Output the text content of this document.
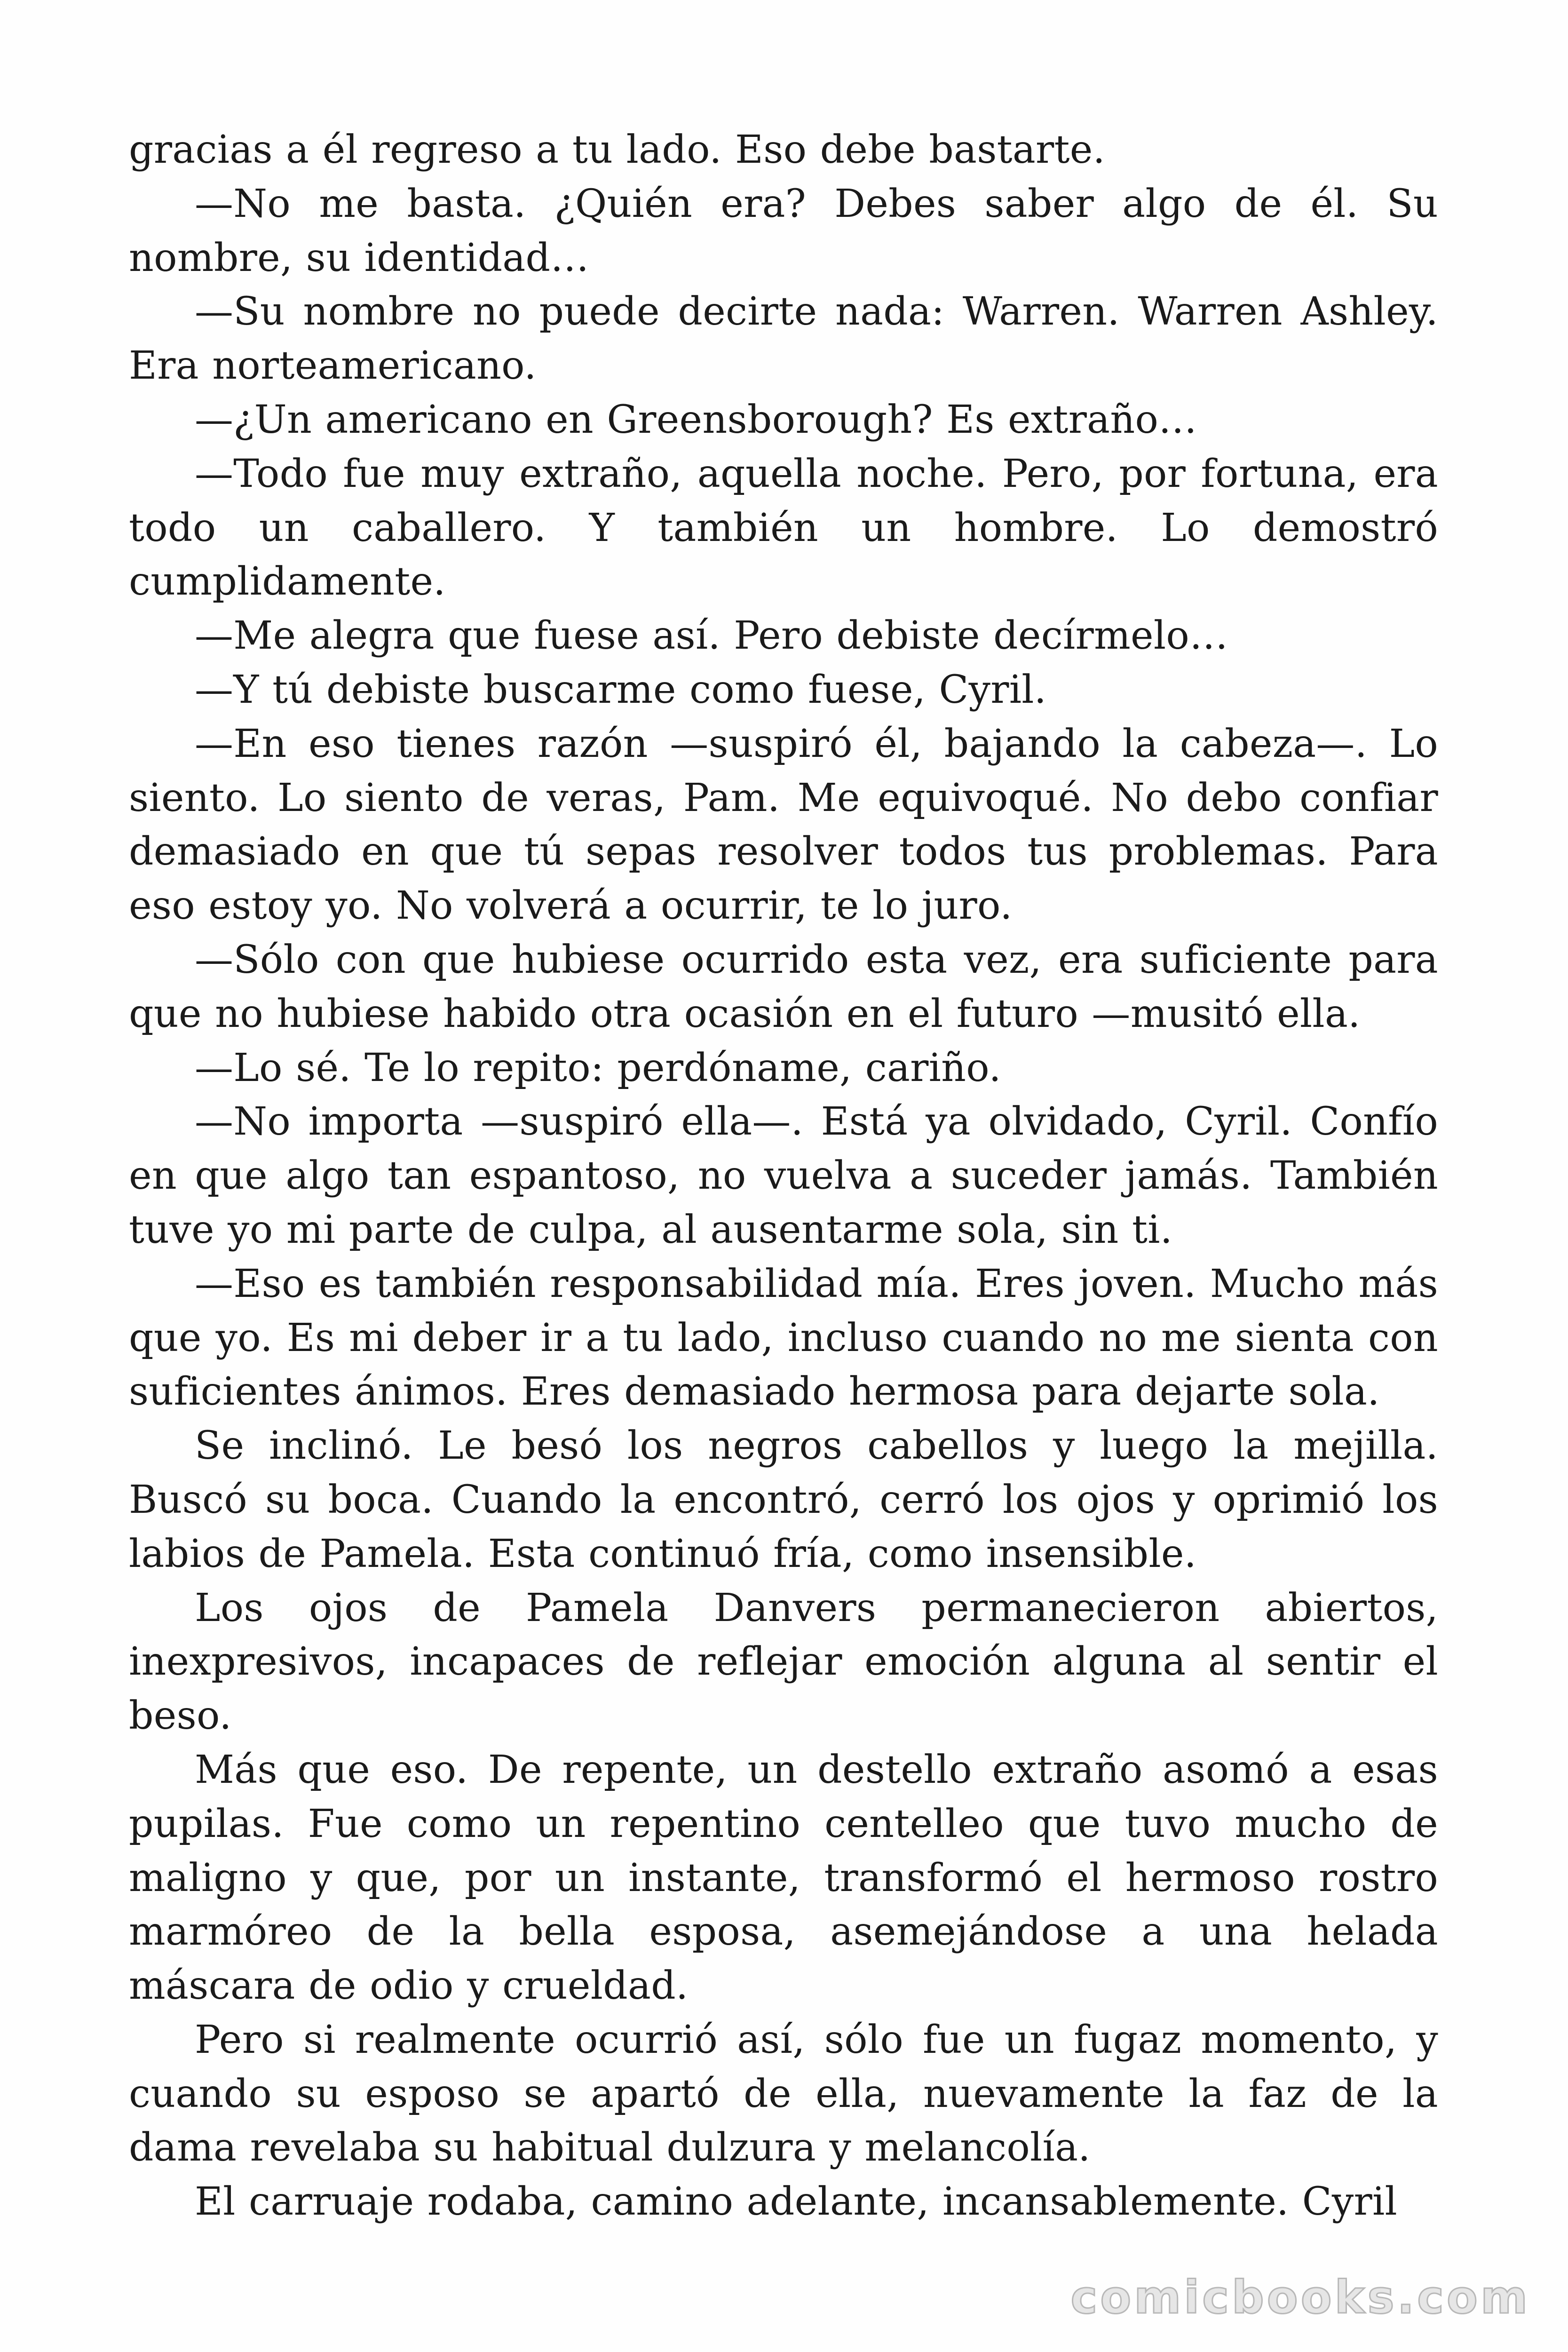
gracias a él regreso a tu lado. Eso debe bastarte.

—No me basta. ¿Quién era? Debes saber algo de él. Su nombre, su identidad…

—Su nombre no puede decirte nada: Warren. Warren Ashley. Era norteamericano.

—¿Un americano en Greensborough? Es extraño…

—Todo fue muy extraño, aquella noche. Pero, por fortuna, era todo un caballero. Y también un hombre. Lo demostró cumplidamente.

—Me alegra que fuese así. Pero debiste decírmelo…

—Y tú debiste buscarme como fuese, Cyril.

—En eso tienes razón —suspiró él, bajando la cabeza—. Lo siento. Lo siento de veras, Pam. Me equivoqué. No debo confiar demasiado en que tú sepas resolver todos tus problemas. Para eso estoy yo. No volverá a ocurrir, te lo juro.

—Sólo con que hubiese ocurrido esta vez, era suficiente para que no hubiese habido otra ocasión en el futuro —musitó ella.

—Lo sé. Te lo repito: perdóname, cariño.

—No importa —suspiró ella—. Está ya olvidado, Cyril. Confío en que algo tan espantoso, no vuelva a suceder jamás. También tuve yo mi parte de culpa, al ausentarme sola, sin ti.

—Eso es también responsabilidad mía. Eres joven. Mucho más que yo. Es mi deber ir a tu lado, incluso cuando no me sienta con suficientes ánimos. Eres demasiado hermosa para dejarte sola.

Se inclinó. Le besó los negros cabellos y luego la mejilla. Buscó su boca. Cuando la encontró, cerró los ojos y oprimió los labios de Pamela. Esta continuó fría, como insensible.

Los ojos de Pamela Danvers permanecieron abiertos, inexpresivos, incapaces de reflejar emoción alguna al sentir el beso.

Más que eso. De repente, un destello extraño asomó a esas pupilas. Fue como un repentino centelleo que tuvo mucho de maligno y que, por un instante, transformó el hermoso rostro marmóreo de la bella esposa, asemejándose a una helada máscara de odio y crueldad.

Pero si realmente ocurrió así, sólo fue un fugaz momento, y cuando su esposo se apartó de ella, nuevamente la faz de la dama revelaba su habitual dulzura y melancolía.

El carruaje rodaba, camino adelante, incansablemente. Cyril

comicbooks.com
